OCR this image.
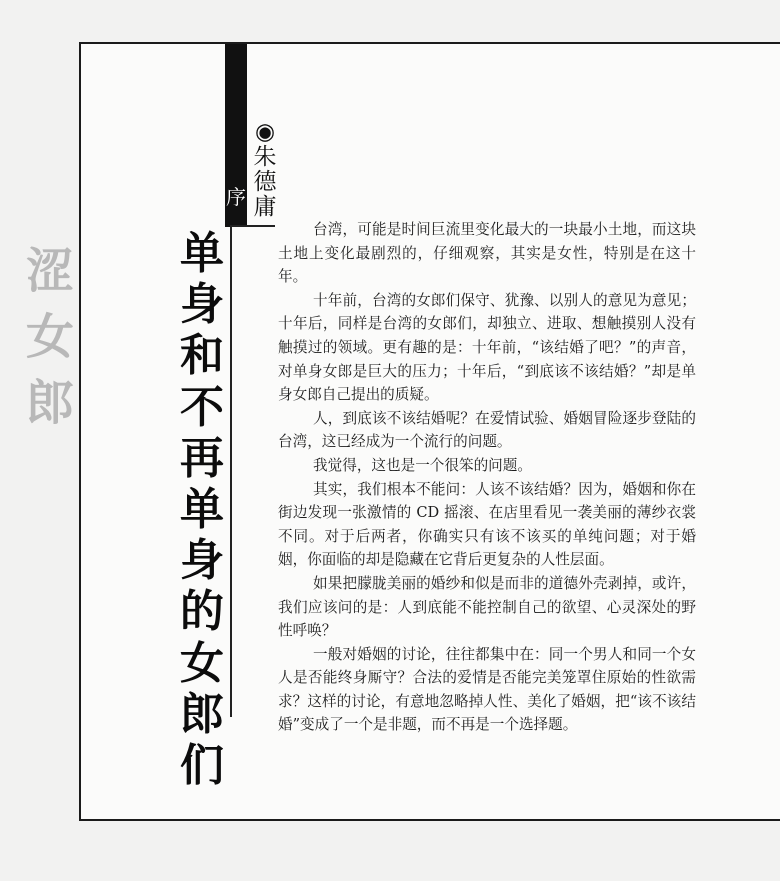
涩
女
郎
序
◉
朱
德
庸
单
身
和
不
再
单
身
的
女
郎
们

台湾，可能是时间巨流里变化最大的一块最小土地，而这块土地上变化最剧烈的，仔细观察，其实是女性，特别是在这十年。

十年前，台湾的女郎们保守、犹豫、以别人的意见为意见；十年后，同样是台湾的女郎们，却独立、进取、想触摸别人没有触摸过的领域。更有趣的是：十年前，“该结婚了吧？”的声音，对单身女郎是巨大的压力；十年后，“到底该不该结婚？”却是单身女郎自己提出的质疑。

人，到底该不该结婚呢？在爱情试验、婚姻冒险逐步登陆的台湾，这已经成为一个流行的问题。

我觉得，这也是一个很笨的问题。

其实，我们根本不能问：人该不该结婚？因为，婚姻和你在街边发现一张激情的 CD 摇滚、在店里看见一袭美丽的薄纱衣裳不同。对于后两者，你确实只有该不该买的单纯问题；对于婚姻，你面临的却是隐藏在它背后更复杂的人性层面。

如果把朦胧美丽的婚纱和似是而非的道德外壳剥掉，或许，我们应该问的是：人到底能不能控制自己的欲望、心灵深处的野性呼唤？

一般对婚姻的讨论，往往都集中在：同一个男人和同一个女人是否能终身厮守？合法的爱情是否能完美笼罩住原始的性欲需求？这样的讨论，有意地忽略掉人性、美化了婚姻，把“该不该结婚”变成了一个是非题，而不再是一个选择题。
